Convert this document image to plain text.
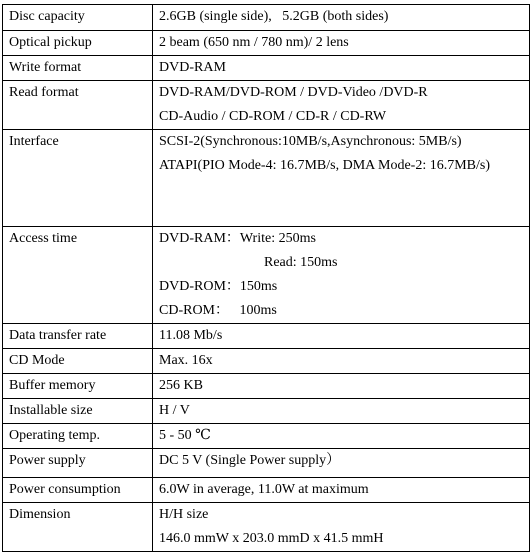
Disc capacity	2.6GB (single side),   5.2GB (both sides)
Optical pickup	2 beam (650 nm / 780 nm)/ 2 lens
Write format	DVD-RAM
Read format	DVD-RAM/DVD-ROM / DVD-Video /DVD-R
CD-Audio / CD-ROM / CD-R / CD-RW

Interface	SCSI-2(Synchronous:10MB/s,Asynchronous: 5MB/s)
ATAPI(PIO Mode-4: 16.7MB/s, DMA Mode-2: 16.7MB/s)

Access time	DVD-RAM：Write: 250ms
Read: 150ms
DVD-ROM：150ms
CD-ROM：   100ms

Data transfer rate	11.08 Mb/s
CD Mode	Max. 16x
Buffer memory	256 KB
Installable size	H / V
Operating temp.	5 - 50 ℃
Power supply	DC 5 V (Single Power supply）
Power consumption	6.0W in average, 11.0W at maximum
Dimension	H/H size
146.0 mmW x 203.0 mmD x 41.5 mmH
